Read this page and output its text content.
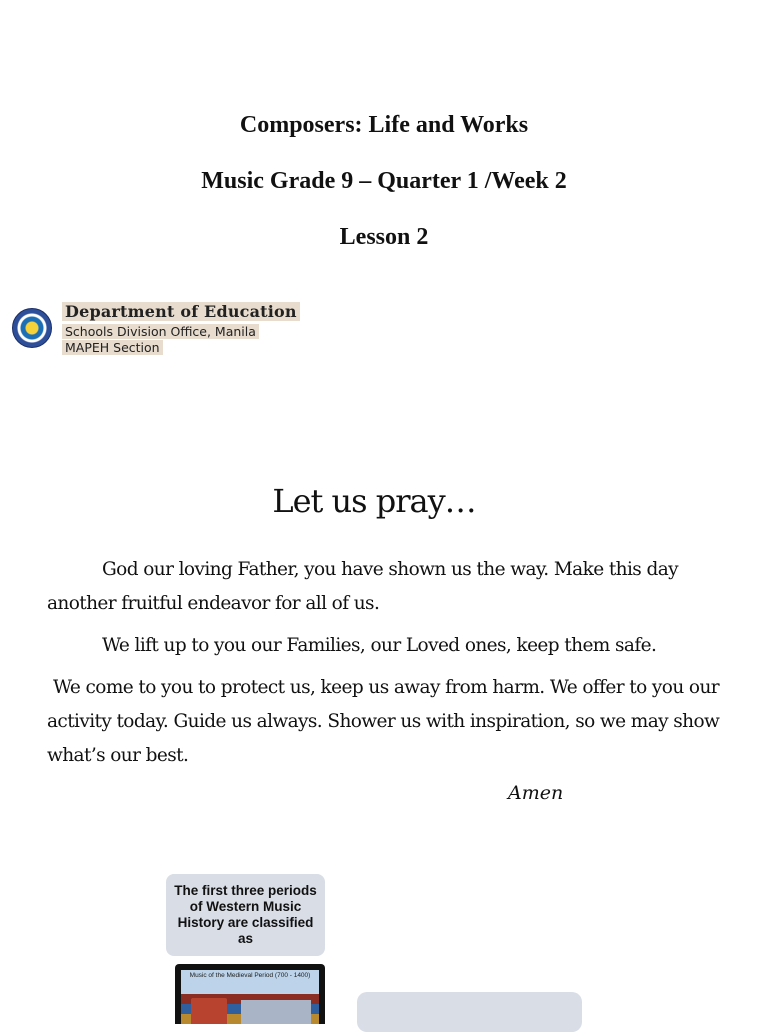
Composers: Life and Works
Music Grade 9 – Quarter 1 /Week 2
Lesson 2
Department of Education
Schools Division Office, Manila
MAPEH Section
Let us pray…
God our loving Father, you have shown us the way. Make this day another fruitful endeavor for all of us.
We lift up to you our Families, our Loved ones, keep them safe.
We come to you to protect us, keep us away from harm. We offer to you our activity today. Guide us always. Shower us with inspiration, so we may show what’s our best.
Amen
The first three periods of Western Music History are classified as
Music of the Medieval Period (700 - 1400)
